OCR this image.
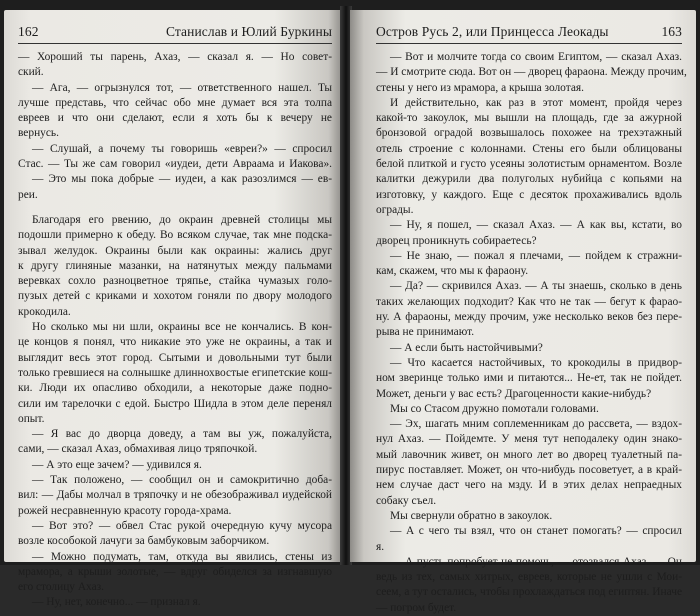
162	Станислав и Юлий Буркины
— Хороший ты парень, Ахаз, — сказал я. — Но совет-
ский.
— Ага, — огрызнулся тот, — ответственного нашел. Ты
лучше представь, что сейчас обо мне думает вся эта толпа
евреев и что они сделают, если я хоть бы к вечеру не
вернусь.
— Слушай, а почему ты говоришь «евреи?» — спросил
Стас. — Ты же сам говорил «иудеи, дети Авраама и Иакова».
— Это мы пока добрые — иудеи, а как разозлимся — ев-
реи.
Благодаря его рвению, до окраин древней столицы мы
подошли примерно к обеду. Во всяком случае, так мне подска-
зывал желудок. Окраины были как окраины: жались друг
к другу глиняные мазанки, на натянутых между пальмами
веревках сохло разноцветное тряпье, стайка чумазых голо-
пузых детей с криками и хохотом гоняли по двору молодого
крокодила.
Но сколько мы ни шли, окраины все не кончались. В кон-
це концов я понял, что никакие это уже не окраины, а так и
выглядит весь этот город. Сытыми и довольными тут были
только гревшиеся на солнышке длиннохвостые египетские кош-
ки. Люди их опасливо обходили, а некоторые даже подно-
сили им тарелочки с едой. Быстро Шидла в этом деле перенял
опыт.
— Я вас до дворца доведу, а там вы уж, пожалуйста,
сами, — сказал Ахаз, обмахивая лицо тряпочкой.
— А это еще зачем? — удивился я.
— Так положено, — сообщил он и самокритично доба-
вил: — Дабы молчал в тряпочку и не обезображивал иудейской
рожей несравненную красоту города-храма.
— Вот это? — обвел Стас рукой очередную кучу мусора
возле кособокой лачуги за бамбуковым заборчиком.
— Можно подумать, там, откуда вы явились, стены из
мрамора, а крыши золотые, — вдруг обиделся за изгнавшую
его столицу Ахаз.
— Ну, нет, конечно... — признал я.
Остров Русь 2, или Принцесса Леокады	163
— Вот и молчите тогда со своим Египтом, — сказал Ахаз.
— И смотрите сюда. Вот он — дворец фараона. Между прочим,
стены у него из мрамора, а крыша золотая.
И действительно, как раз в этот момент, пройдя через
какой-то закоулок, мы вышли на площадь, где за ажурной
бронзовой оградой возвышалось похожее на трехэтажный
отель строение с колоннами. Стены его были облицованы
белой плиткой и густо усеяны золотистым орнаментом. Возле
калитки дежурили два полуголых нубийца с копьями на
изготовку, у каждого. Еще с десяток прохаживались вдоль
ограды.
— Ну, я пошел, — сказал Ахаз. — А как вы, кстати, во
дворец проникнуть собираетесь?
— Не знаю, — пожал я плечами, — пойдем к стражни-
кам, скажем, что мы к фараону.
— Да? — скривился Ахаз. — А ты знаешь, сколько в день
таких желающих подходит? Как что не так — бегут к фарао-
ну. А фараоны, между прочим, уже несколько веков без пере-
рыва не принимают.
— А если быть настойчивыми?
— Что касается настойчивых, то крокодилы в придвор-
ном зверинце только ими и питаются... Не-ет, так не пойдет.
Может, деньги у вас есть? Драгоценности какие-нибудь?
Мы со Стасом дружно помотали головами.
— Эх, шагать мним соплеменникам до рассвета, — вздох-
нул Ахаз. — Пойдемте. У меня тут неподалеку один знако-
мый лавочник живет, он много лет во дворец туалетный па-
пирус поставляет. Может, он что-нибудь посоветует, а в край-
нем случае даст чего на мзду. И в этих делах непраедных
собаку съел.
Мы свернули обратно в закоулок.
— А с чего ты взял, что он станет помогать? — спросил
я.
— А пусть попробует не помочь, — отозвался Ахаз. — Он
ведь из тех, самых хитрых, евреев, которые не ушли с Мои-
сеем, а тут остались, чтобы прохлаждаться под египтян. Иначе
— погром будет.
